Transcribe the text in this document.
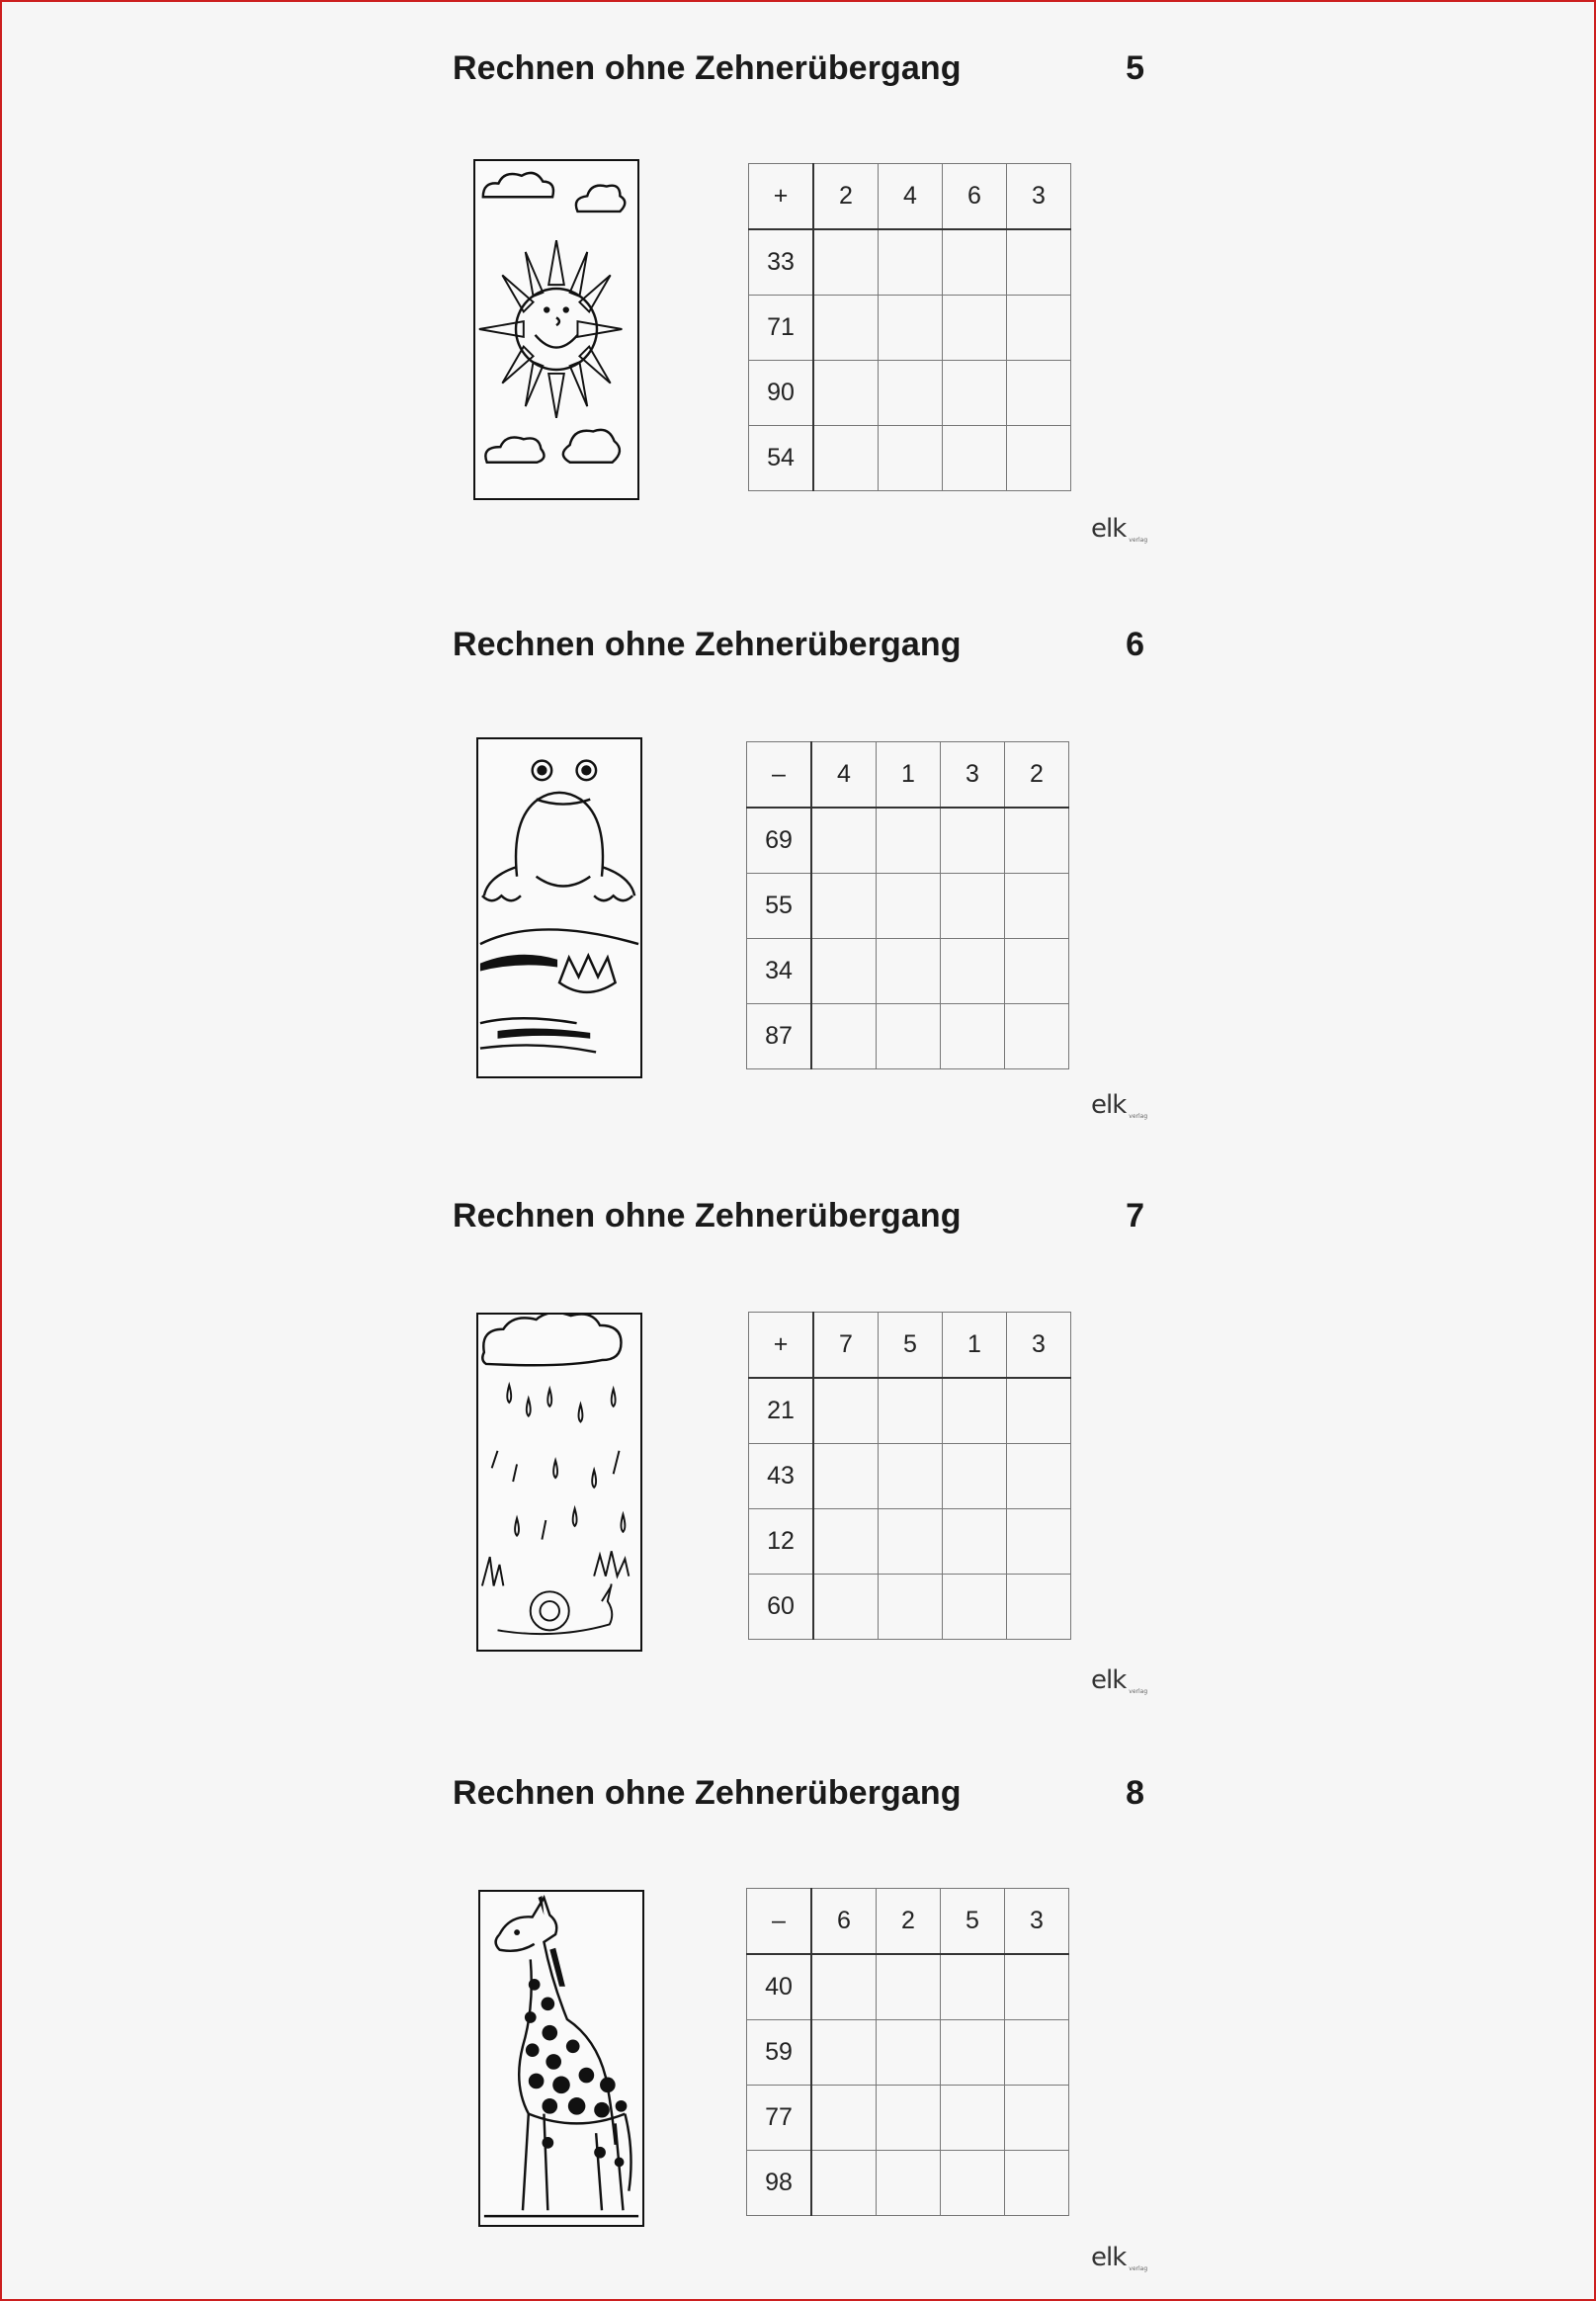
Rechnen ohne Zehnerübergang	5
+	2	4	6	3
33				
71				
90				
54				
elk verlag
Rechnen ohne Zehnerübergang	6
–	4	1	3	2
69				
55				
34				
87				
elk verlag
Rechnen ohne Zehnerübergang	7
+	7	5	1	3
21				
43				
12				
60				
elk verlag
Rechnen ohne Zehnerübergang	8
–	6	2	5	3
40				
59				
77				
98				
elk verlag
